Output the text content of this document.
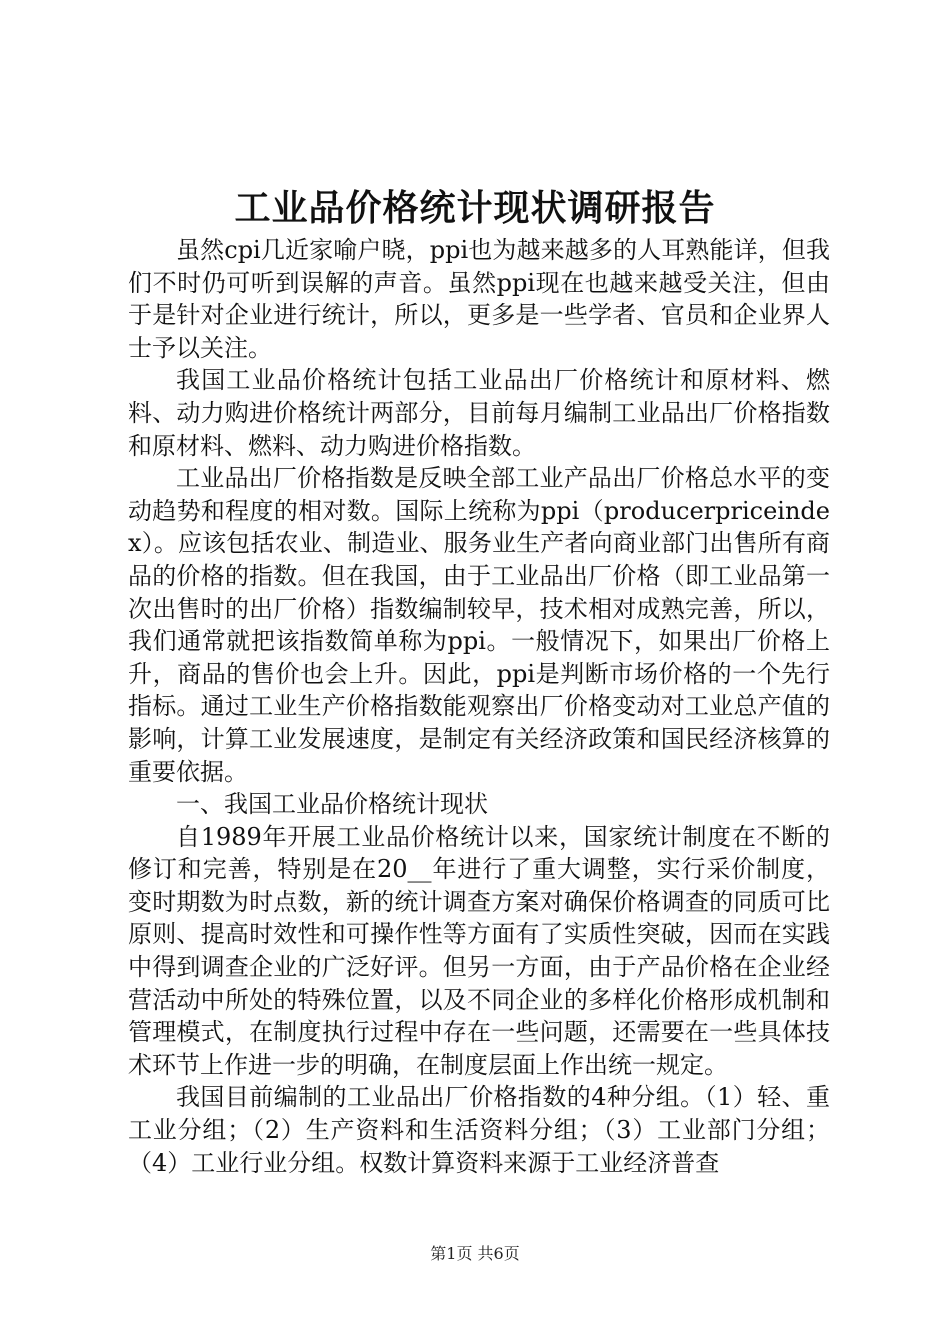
工业品价格统计现状调研报告

虽然cpi几近家喻户晓，ppi也为越来越多的人耳熟能详，但我们不时仍可听到误解的声音。虽然ppi现在也越来越受关注，但由于是针对企业进行统计，所以，更多是一些学者、官员和企业界人士予以关注。

我国工业品价格统计包括工业品出厂价格统计和原材料、燃料、动力购进价格统计两部分，目前每月编制工业品出厂价格指数和原材料、燃料、动力购进价格指数。

工业品出厂价格指数是反映全部工业产品出厂价格总水平的变动趋势和程度的相对数。国际上统称为ppi（producerpriceindex）。应该包括农业、制造业、服务业生产者向商业部门出售所有商品的价格的指数。但在我国，由于工业品出厂价格（即工业品第一次出售时的出厂价格）指数编制较早，技术相对成熟完善，所以，我们通常就把该指数简单称为ppi。一般情况下，如果出厂价格上升，商品的售价也会上升。因此，ppi是判断市场价格的一个先行指标。通过工业生产价格指数能观察出厂价格变动对工业总产值的影响，计算工业发展速度，是制定有关经济政策和国民经济核算的重要依据。

一、我国工业品价格统计现状

自1989年开展工业品价格统计以来，国家统计制度在不断的修订和完善，特别是在20__年进行了重大调整，实行采价制度，变时期数为时点数，新的统计调查方案对确保价格调查的同质可比原则、提高时效性和可操作性等方面有了实质性突破，因而在实践中得到调查企业的广泛好评。但另一方面，由于产品价格在企业经营活动中所处的特殊位置，以及不同企业的多样化价格形成机制和管理模式，在制度执行过程中存在一些问题，还需要在一些具体技术环节上作进一步的明确，在制度层面上作出统一规定。

我国目前编制的工业品出厂价格指数的4种分组。（1）轻、重工业分组；（2）生产资料和生活资料分组；（3）工业部门分组；（4）工业行业分组。权数计算资料来源于工业经济普查

第1页 共6页
